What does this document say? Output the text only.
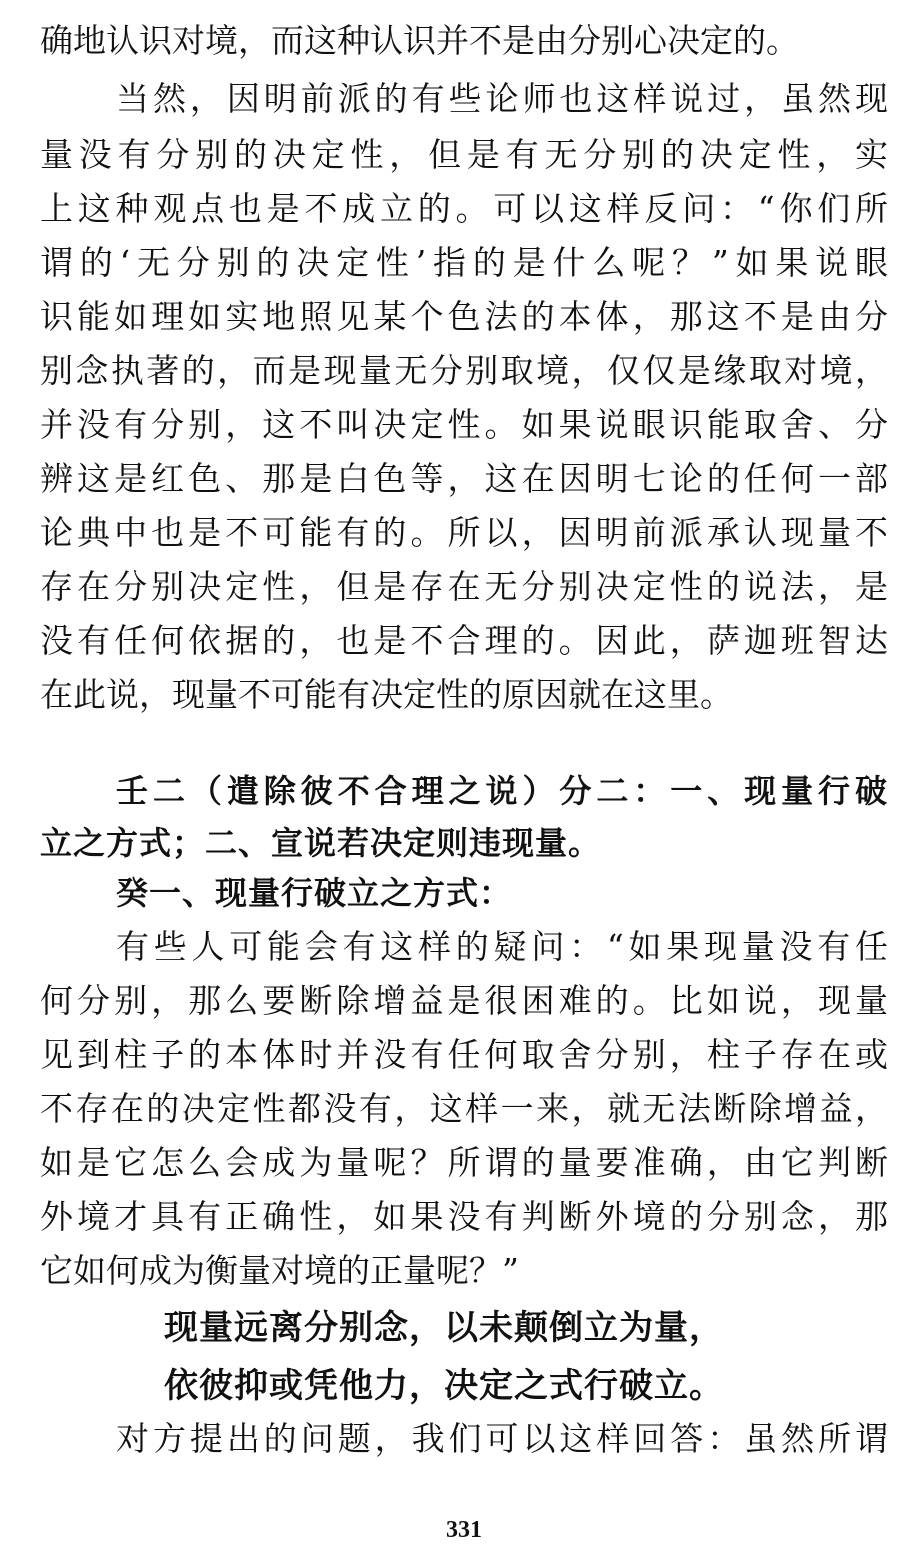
确地认识对境，而这种认识并不是由分别心决定的。
当然，因明前派的有些论师也这样说过，虽然现
量没有分别的决定性，但是有无分别的决定性，实
上这种观点也是不成立的。可以这样反问：“你们所
谓的‘无分别的决定性’指的是什么呢？”如果说眼
识能如理如实地照见某个色法的本体，那这不是由分
别念执著的，而是现量无分别取境，仅仅是缘取对境，
并没有分别，这不叫决定性。如果说眼识能取舍、分
辨这是红色、那是白色等，这在因明七论的任何一部
论典中也是不可能有的。所以，因明前派承认现量不
存在分别决定性，但是存在无分别决定性的说法，是
没有任何依据的，也是不合理的。因此，萨迦班智达
在此说，现量不可能有决定性的原因就在这里。
壬二（遣除彼不合理之说）分二：一、现量行破
立之方式；二、宣说若决定则违现量。
癸一、现量行破立之方式：
有些人可能会有这样的疑问：“如果现量没有任
何分别，那么要断除增益是很困难的。比如说，现量
见到柱子的本体时并没有任何取舍分别，柱子存在或
不存在的决定性都没有，这样一来，就无法断除增益，
如是它怎么会成为量呢？所谓的量要准确，由它判断
外境才具有正确性，如果没有判断外境的分别念，那
它如何成为衡量对境的正量呢？”
现量远离分别念，以未颠倒立为量，
依彼抑或凭他力，决定之式行破立。
对方提出的问题，我们可以这样回答：虽然所谓
331
